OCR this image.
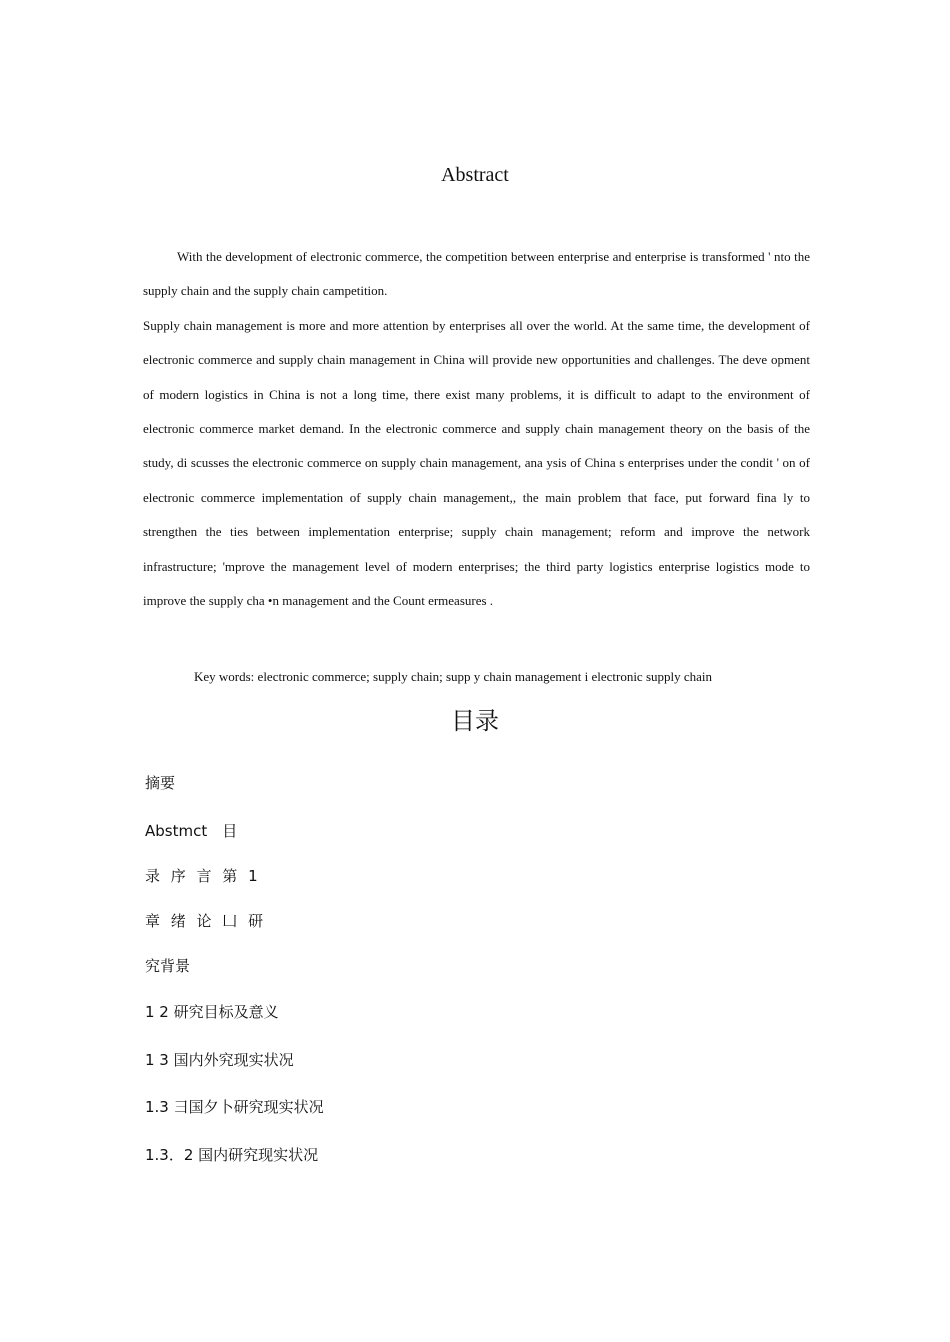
Abstract

With the development of electronic commerce, the competition between enterprise and enterprise is transformed ' nto the supply chain and the supply chain campetition.

Supply chain management is more and more attention by enterprises all over the world. At the same time, the development of electronic commerce and supply chain management in China will provide new opportunities and challenges. The deve opment of modern logistics in China is not a long time, there exist many problems, it is difficult to adapt to the environment of electronic commerce market demand. In the electronic commerce and supply chain management theory on the basis of the study, di scusses the electronic commerce on supply chain management, ana ysis of China s enterprises under the condit ' on of electronic commerce implementation of supply chain management,, the main problem that face, put forward fina ly to strengthen the ties between implementation enterprise; supply chain management; reform and improve the network infrastructure; 'mprove the management level of modern enterprises; the third party logistics enterprise logistics mode to improve the supply cha •n management and the Count ermeasures .

Key words: electronic commerce; supply chain; supp y chain management i electronic supply chain
目录
摘要
Abstmct　目
录 序 言 第 1
章 绪 论 凵 研
究背景
1 2 研究目标及意义
1 3 国内外究现实状况
1.3 彐国夕卜研究现实状况
1.3．2 国内研究现实状况
